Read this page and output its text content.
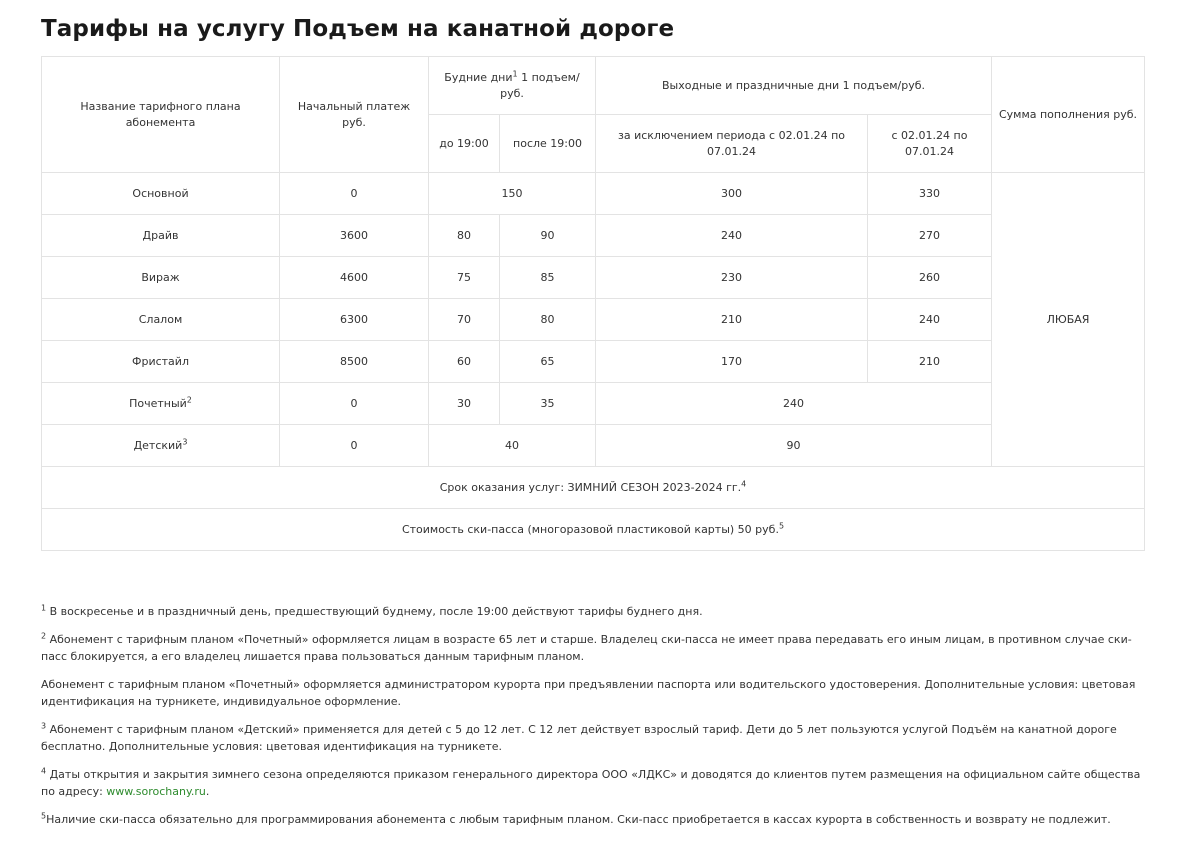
Тарифы на услугу Подъем на канатной дороге
Название тарифного плана абонемента	Начальный платеж руб.	Будние дни$^1$ 1 подъем/ руб.		Выходные и праздничные дни 1 подъем/руб.		Сумма пополнения руб.
		до 19:00	после 19:00	за исключением периода с 02.01.24 по 07.01.24	с 02.01.24 по 07.01.24	
Основной	0	150		300	330	ЛЮБАЯ
Драйв	3600	80	90	240	270	
Вираж	4600	75	85	230	260	
Слалом	6300	70	80	210	240	
Фристайл	8500	60	65	170	210	
Почетный$^2$	0	30	35	240		
Детский$^3$	0	40		90		
Срок оказания услуг: ЗИМНИЙ СЕЗОН 2023-2024 гг.$^4$
Стоимость ски-пасса (многоразовой пластиковой карты) 50 руб.$^5$

$^1$ В воскресенье и в праздничный день, предшествующий буднему, после 19:00 действуют тарифы буднего дня.

$^2$ Абонемент с тарифным планом «Почетный» оформляется лицам в возрасте 65 лет и старше. Владелец ски-пасса не имеет права передавать его иным лицам, в противном случае ски-пасс блокируется, а его владелец лишается права пользоваться данным тарифным планом.

Абонемент с тарифным планом «Почетный» оформляется администратором курорта при предъявлении паспорта или водительского удостоверения. Дополнительные условия: цветовая идентификация на турникете, индивидуальное оформление.

$^3$ Абонемент с тарифным планом «Детский» применяется для детей с 5 до 12 лет. С 12 лет действует взрослый тариф. Дети до 5 лет пользуются услугой Подъём на канатной дороге бесплатно. Дополнительные условия: цветовая идентификация на турникете.

$^4$ Даты открытия и закрытия зимнего сезона определяются приказом генерального директора ООО «ЛДКС» и доводятся до клиентов путем размещения на официальном сайте общества по адресу: www.sorochany.ru.

$^5$Наличие ски-пасса обязательно для программирования абонемента с любым тарифным планом. Ски-пасс приобретается в кассах курорта в собственность и возврату не подлежит.
